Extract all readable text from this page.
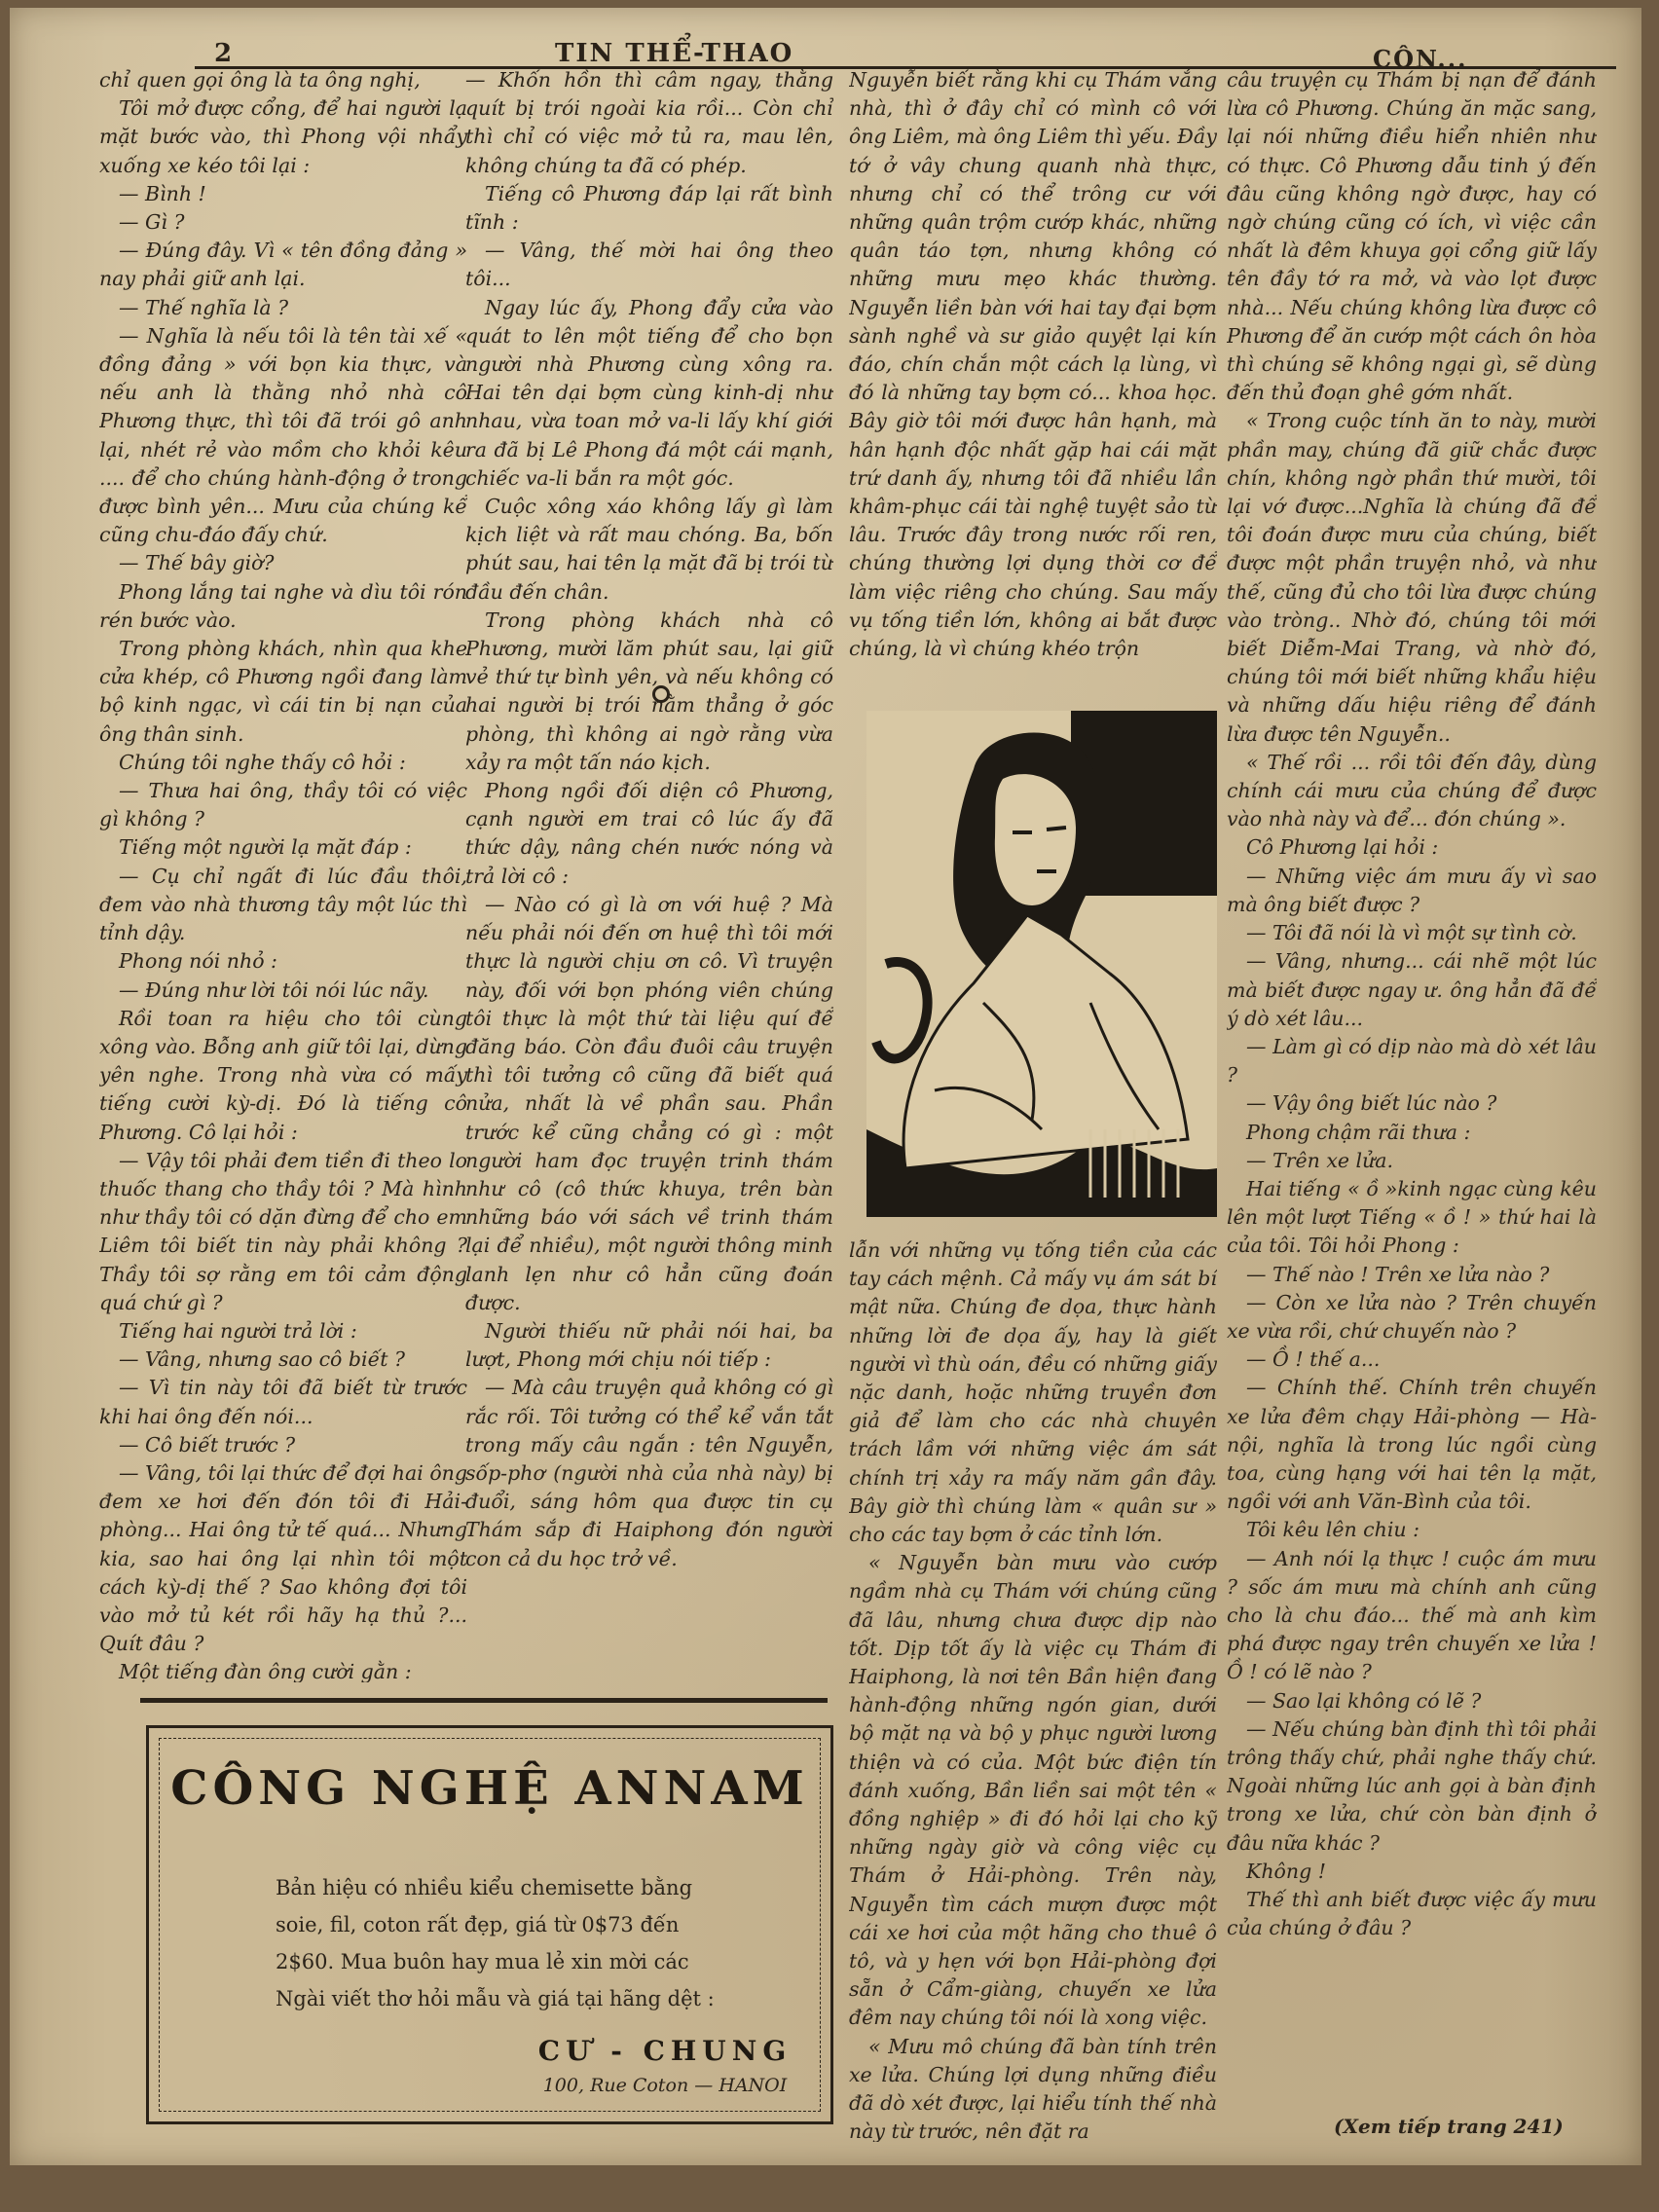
2	TIN THỂ-THAO	CÔN...

chỉ quen gọi ông là ta ông nghị,

Tôi mở được cổng, để hai người lạ mặt bước vào, thì Phong vội nhẩy xuống xe kéo tôi lại :

— Bình !

— Gì ?

— Đúng đây. Vì « tên đồng đảng » nay phải giữ anh lại.

— Thế nghĩa là ?

— Nghĩa là nếu tôi là tên tài xế « đồng đảng » với bọn kia thực, và nếu anh là thằng nhỏ nhà cô Phương thực, thì tôi đã trói gô anh lại, nhét rẻ vào mồm cho khỏi kêu .... để cho chúng hành-động ở trong được bình yên... Mưu của chúng kể cũng chu-đáo đấy chứ.

— Thế bây giờ?

Phong lắng tai nghe và dìu tôi rón rén bước vào.

Trong phòng khách, nhìn qua khe cửa khép, cô Phương ngồi đang làm bộ kinh ngạc, vì cái tin bị nạn của ông thân sinh.

Chúng tôi nghe thấy cô hỏi :

— Thưa hai ông, thầy tôi có việc gì không ?

Tiếng một người lạ mặt đáp :

— Cụ chỉ ngất đi lúc đầu thôi, đem vào nhà thương tây một lúc thì tỉnh dậy.

Phong nói nhỏ :

— Đúng như lời tôi nói lúc nãy.

Rồi toan ra hiệu cho tôi cùng xông vào. Bỗng anh giữ tôi lại, dừng yên nghe. Trong nhà vừa có mấy tiếng cười kỳ-dị. Đó là tiếng cô Phương. Cô lại hỏi :

— Vậy tôi phải đem tiền đi theo lo thuốc thang cho thầy tôi ? Mà hình như thầy tôi có dặn đừng để cho em Liêm tôi biết tin này phải không ? Thầy tôi sợ rằng em tôi cảm động quá chứ gì ?

Tiếng hai người trả lời :

— Vâng, nhưng sao cô biết ?

— Vì tin này tôi đã biết từ trước khi hai ông đến nói...

— Cô biết trước ?

— Vâng, tôi lại thức để đợi hai ông đem xe hơi đến đón tôi đi Hải-phòng... Hai ông tử tế quá... Nhưng kia, sao hai ông lại nhìn tôi một cách kỳ-dị thế ? Sao không đợi tôi vào mở tủ két rồi hãy hạ thủ ?... Quít đâu ?

Một tiếng đàn ông cười gằn :

— Khốn hồn thì câm ngay, thằng quít bị trói ngoài kia rồi... Còn chỉ thì chỉ có việc mở tủ ra, mau lên, không chúng ta đã có phép.

Tiếng cô Phương đáp lại rất bình tĩnh :

— Vâng, thế mời hai ông theo tôi...

Ngay lúc ấy, Phong đẩy cửa vào quát to lên một tiếng để cho bọn người nhà Phương cùng xông ra. Hai tên dại bợm cùng kinh-dị như nhau, vừa toan mở va-li lấy khí giới ra đã bị Lê Phong đá một cái mạnh, chiếc va-li bắn ra một góc.

Cuộc xông xáo không lấy gì làm kịch liệt và rất mau chóng. Ba, bốn phút sau, hai tên lạ mặt đã bị trói từ đầu đến chân.

Trong phòng khách nhà cô Phương, mười lăm phút sau, lại giữ vẻ thứ tự bình yên, và nếu không có hai người bị trói nằm thẳng ở góc phòng, thì không ai ngờ rằng vừa xảy ra một tấn náo kịch.

Phong ngồi đối diện cô Phương, cạnh người em trai cô lúc ấy đã thức dậy, nâng chén nước nóng và trả lời cô :

— Nào có gì là ơn với huệ ? Mà nếu phải nói đến ơn huệ thì tôi mới thực là người chịu ơn cô. Vì truyện này, đối với bọn phóng viên chúng tôi thực là một thứ tài liệu quí để đăng báo. Còn đầu đuôi câu truyện thì tôi tưởng cô cũng đã biết quá nửa, nhất là về phần sau. Phần trước kể cũng chẳng có gì : một người ham đọc truyện trinh thám như cô (cô thức khuya, trên bàn những báo với sách về trinh thám lại để nhiều), một người thông minh lanh lẹn như cô hẳn cũng đoán được.

Người thiếu nữ phải nói hai, ba lượt, Phong mới chịu nói tiếp :

— Mà câu truyện quả không có gì rắc rối. Tôi tưởng có thể kể vắn tắt trong mấy câu ngắn : tên Nguyễn, sốp-phơ (người nhà của nhà này) bị đuổi, sáng hôm qua được tin cụ Thám sắp đi Haiphong đón người con cả du học trở về.

Nguyễn biết rằng khi cụ Thám vắng nhà, thì ở đây chỉ có mình cô với ông Liêm, mà ông Liêm thì yếu. Đầy tớ ở vây chung quanh nhà thực, nhưng chỉ có thể trông cư với những quân trộm cướp khác, những quân táo tợn, nhưng không có những mưu mẹo khác thường. Nguyễn liền bàn với hai tay đại bợm sành nghề và sư giảo quyệt lại kín đáo, chín chắn một cách lạ lùng, vì đó là những tay bợm có... khoa học. Bây giờ tôi mới được hân hạnh, mà hân hạnh độc nhất gặp hai cái mặt trứ danh ấy, nhưng tôi đã nhiều lần khâm-phục cái tài nghệ tuyệt sảo từ lâu. Trước đây trong nước rối ren, chúng thường lợi dụng thời cơ để làm việc riêng cho chúng. Sau mấy vụ tống tiền lớn, không ai bắt được chúng, là vì chúng khéo trộn

lẫn với những vụ tống tiền của các tay cách mệnh. Cả mấy vụ ám sát bí mật nữa. Chúng đe dọa, thực hành những lời đe dọa ấy, hay là giết người vì thù oán, đều có những giấy nặc danh, hoặc những truyền đơn giả để làm cho các nhà chuyên trách lầm với những việc ám sát chính trị xảy ra mấy năm gần đây. Bây giờ thì chúng làm « quân sư » cho các tay bợm ở các tỉnh lớn.

« Nguyễn bàn mưu vào cướp ngầm nhà cụ Thám với chúng cũng đã lâu, nhưng chưa được dịp nào tốt. Dịp tốt ấy là việc cụ Thám đi Haiphong, là nơi tên Bần hiện đang hành-động những ngón gian, dưới bộ mặt nạ và bộ y phục người lương thiện và có của. Một bức điện tín đánh xuống, Bần liền sai một tên « đồng nghiệp » đi đó hỏi lại cho kỹ những ngày giờ và công việc cụ Thám ở Hải-phòng. Trên này, Nguyễn tìm cách mượn được một cái xe hơi của một hãng cho thuê ô tô, và y hẹn với bọn Hải-phòng đợi sẵn ở Cẩm-giàng, chuyến xe lửa đêm nay chúng tôi nói là xong việc.

« Mưu mô chúng đã bàn tính trên xe lửa. Chúng lợi dụng những điều đã dò xét được, lại hiểu tính thế nhà này từ trước, nên đặt ra

câu truyện cụ Thám bị nạn để đánh lừa cô Phương. Chúng ăn mặc sang, lại nói những điều hiển nhiên như có thực. Cô Phương dẫu tinh ý đến đâu cũng không ngờ được, hay có ngờ chúng cũng có ích, vì việc cần nhất là đêm khuya gọi cổng giữ lấy tên đầy tớ ra mở, và vào lọt được nhà... Nếu chúng không lừa được cô Phương để ăn cướp một cách ôn hòa thì chúng sẽ không ngại gì, sẽ dùng đến thủ đoạn ghê gớm nhất.

« Trong cuộc tính ăn to này, mười phần may, chúng đã giữ chắc được chín, không ngờ phần thứ mười, tôi lại vớ được...Nghĩa là chúng đã để tôi đoán được mưu của chúng, biết được một phần truyện nhỏ, và như thế, cũng đủ cho tôi lừa được chúng vào tròng.. Nhờ đó, chúng tôi mới biết Diễm-Mai Trang, và nhờ đó, chúng tôi mới biết những khẩu hiệu và những dấu hiệu riêng để đánh lừa được tên Nguyễn..

« Thế rồi ... rồi tôi đến đây, dùng chính cái mưu của chúng để được vào nhà này và để... đón chúng ».

Cô Phương lại hỏi :

— Những việc ám mưu ấy vì sao mà ông biết được ?

— Tôi đã nói là vì một sự tình cờ.

— Vâng, nhưng... cái nhẽ một lúc mà biết được ngay ư. ông hẳn đã để ý dò xét lâu...

— Làm gì có dịp nào mà dò xét lâu ?

— Vậy ông biết lúc nào ?

Phong chậm rãi thưa :

— Trên xe lửa.

Hai tiếng « ồ »kinh ngạc cùng kêu lên một lượt Tiếng « ồ ! » thứ hai là của tôi. Tôi hỏi Phong :

— Thế nào ! Trên xe lửa nào ?

— Còn xe lửa nào ? Trên chuyến xe vừa rồi, chứ chuyến nào ?

— Ồ ! thế a...

— Chính thế. Chính trên chuyến xe lửa đêm chạy Hải-phòng — Hà-nội, nghĩa là trong lúc ngồi cùng toa, cùng hạng với hai tên lạ mặt, ngồi với anh Văn-Bình của tôi.

Tôi kêu lên chiu :

— Anh nói lạ thực ! cuộc ám mưu ? sốc ám mưu mà chính anh cũng cho là chu đáo... thế mà anh kìm phá được ngay trên chuyến xe lửa ! Ồ ! có lẽ nào ?

— Sao lại không có lẽ ?

— Nếu chúng bàn định thì tôi phải trông thấy chứ, phải nghe thấy chứ. Ngoài những lúc anh gọi à bàn định trong xe lửa, chứ còn bàn định ở đâu nữa khác ?

Không !

Thế thì anh biết được việc ấy mưu của chúng ở đâu ?

(Xem tiếp trang 241)
CÔNG NGHỆ ANNAM
Bản hiệu có nhiều kiểu chemisette bằng soie, fil, coton rất đẹp, giá từ 0$73 đến 2$60. Mua buôn hay mua lẻ xin mời các Ngài viết thơ hỏi mẫu và giá tại hãng dệt :
CƯ - CHUNG
100, Rue Coton — HANOI
